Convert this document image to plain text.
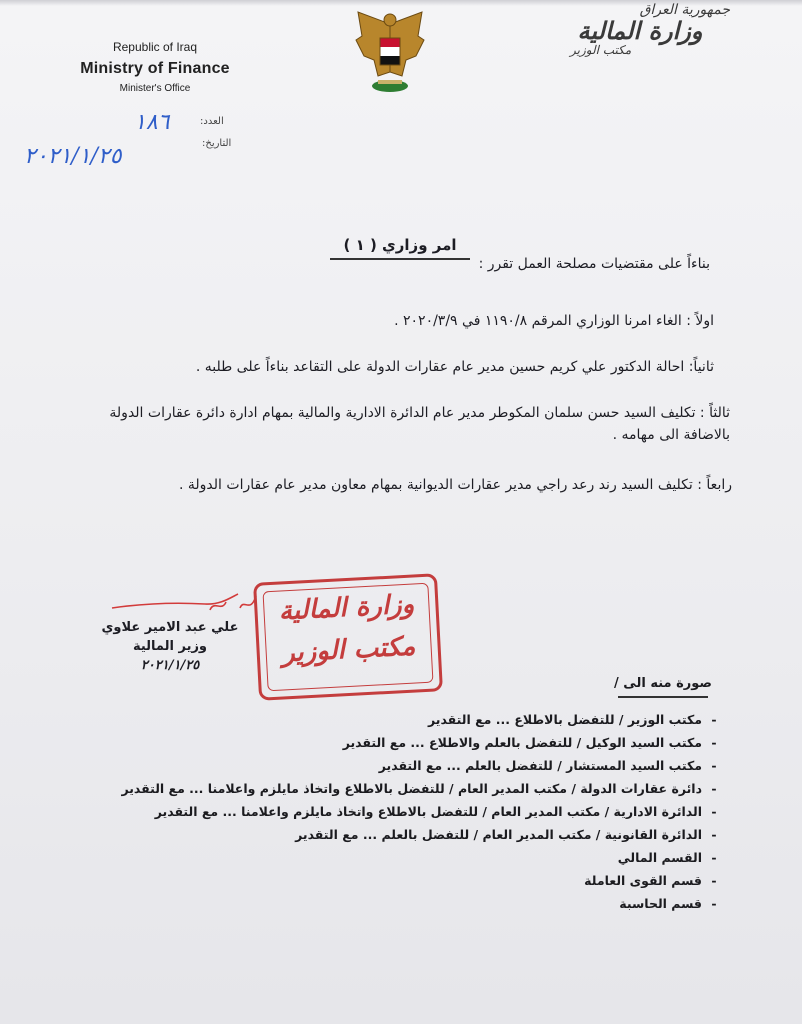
Republic of Iraq
Ministry of Finance
Minister's Office
جمهورية العراق
وزارة المالية
مكتب الوزير
العدد:
١٨٦
التاريخ:
٢٠٢١/١/٢٥
امر وزاري ( ١ )
بناءاً على مقتضيات مصلحة العمل تقرر :
اولاً : الغاء امرنا الوزاري المرقم ١١٩٠/٨ في ٢٠٢٠/٣/٩ .
ثانياً: احالة الدكتور علي كريم حسين مدير عام عقارات الدولة على التقاعد بناءاً على طلبه .
ثالثاً : تكليف السيد حسن سلمان المكوطر مدير عام الدائرة الادارية والمالية بمهام ادارة دائرة عقارات الدولة بالاضافة الى مهامه .
رابعاً : تكليف السيد رند رعد راجي مدير عقارات الديوانية بمهام معاون مدير عام عقارات الدولة .
علي عبد الامير علاوي
وزير المالية
٢٠٢١/١/٢٥
وزارة المالية
مكتب الوزير
صورة منه الى /
-مكتب الوزير / للتفضل بالاطلاع ... مع التقدير
-مكتب السيد الوكيل / للتفضل بالعلم والاطلاع ... مع التقدير
-مكتب السيد المستشار / للتفضل بالعلم ... مع التقدير
-دائرة عقارات الدولة / مكتب المدير العام / للتفضل بالاطلاع واتخاذ مايلزم واعلامنا ... مع التقدير
-الدائرة الادارية / مكتب المدير العام / للتفضل بالاطلاع واتخاذ مايلزم واعلامنا ... مع التقدير
-الدائرة القانونية / مكتب المدير العام / للتفضل بالعلم ... مع التقدير
-القسم المالي
-قسم القوى العاملة
-قسم الحاسبة
